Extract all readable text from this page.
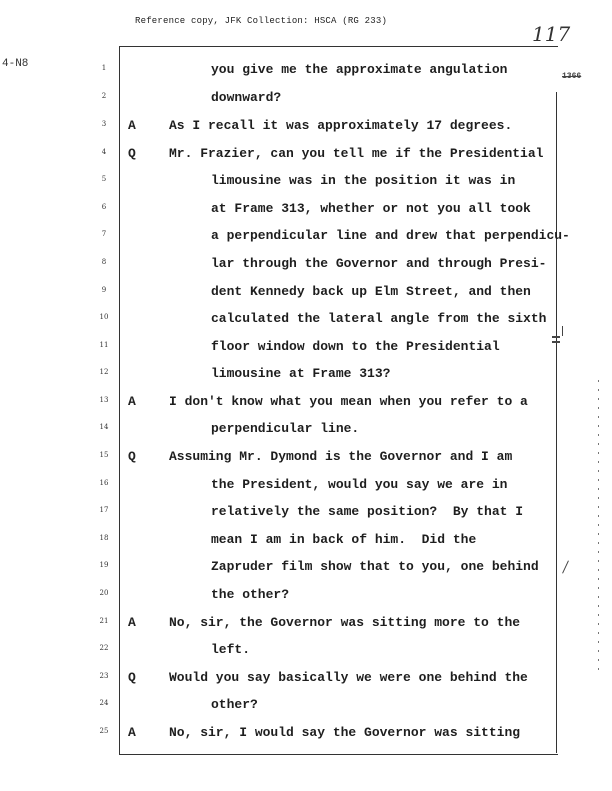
Reference copy, JFK Collection: HSCA (RG 233)
117
4-N8
1366
1	you give me the approximate angulation
2	downward?
3	A	As I recall it was approximately 17 degrees.
4	Q	Mr. Frazier, can you tell me if the Presidential
5	limousine was in the position it was in
6	at Frame 313, whether or not you all took
7	a perpendicular line and drew that perpendicu-
8	lar through the Governor and through Presi-
9	dent Kennedy back up Elm Street, and then
10	calculated the lateral angle from the sixth
11	floor window down to the Presidential
12	limousine at Frame 313?
13 A	I don't know what you mean when you refer to a
14	perpendicular line.
15 Q	Assuming Mr. Dymond is the Governor and I am
16	the President, would you say we are in
17	relatively the same position?  By that I
18	mean I am in back of him.  Did the
19	Zapruder film show that to you, one behind
20	the other?
21 A	No, sir, the Governor was sitting more to the
22	left.
23 Q	Would you say basically we were one behind the
24	other?
25 A	No, sir, I would say the Governor was sitting
